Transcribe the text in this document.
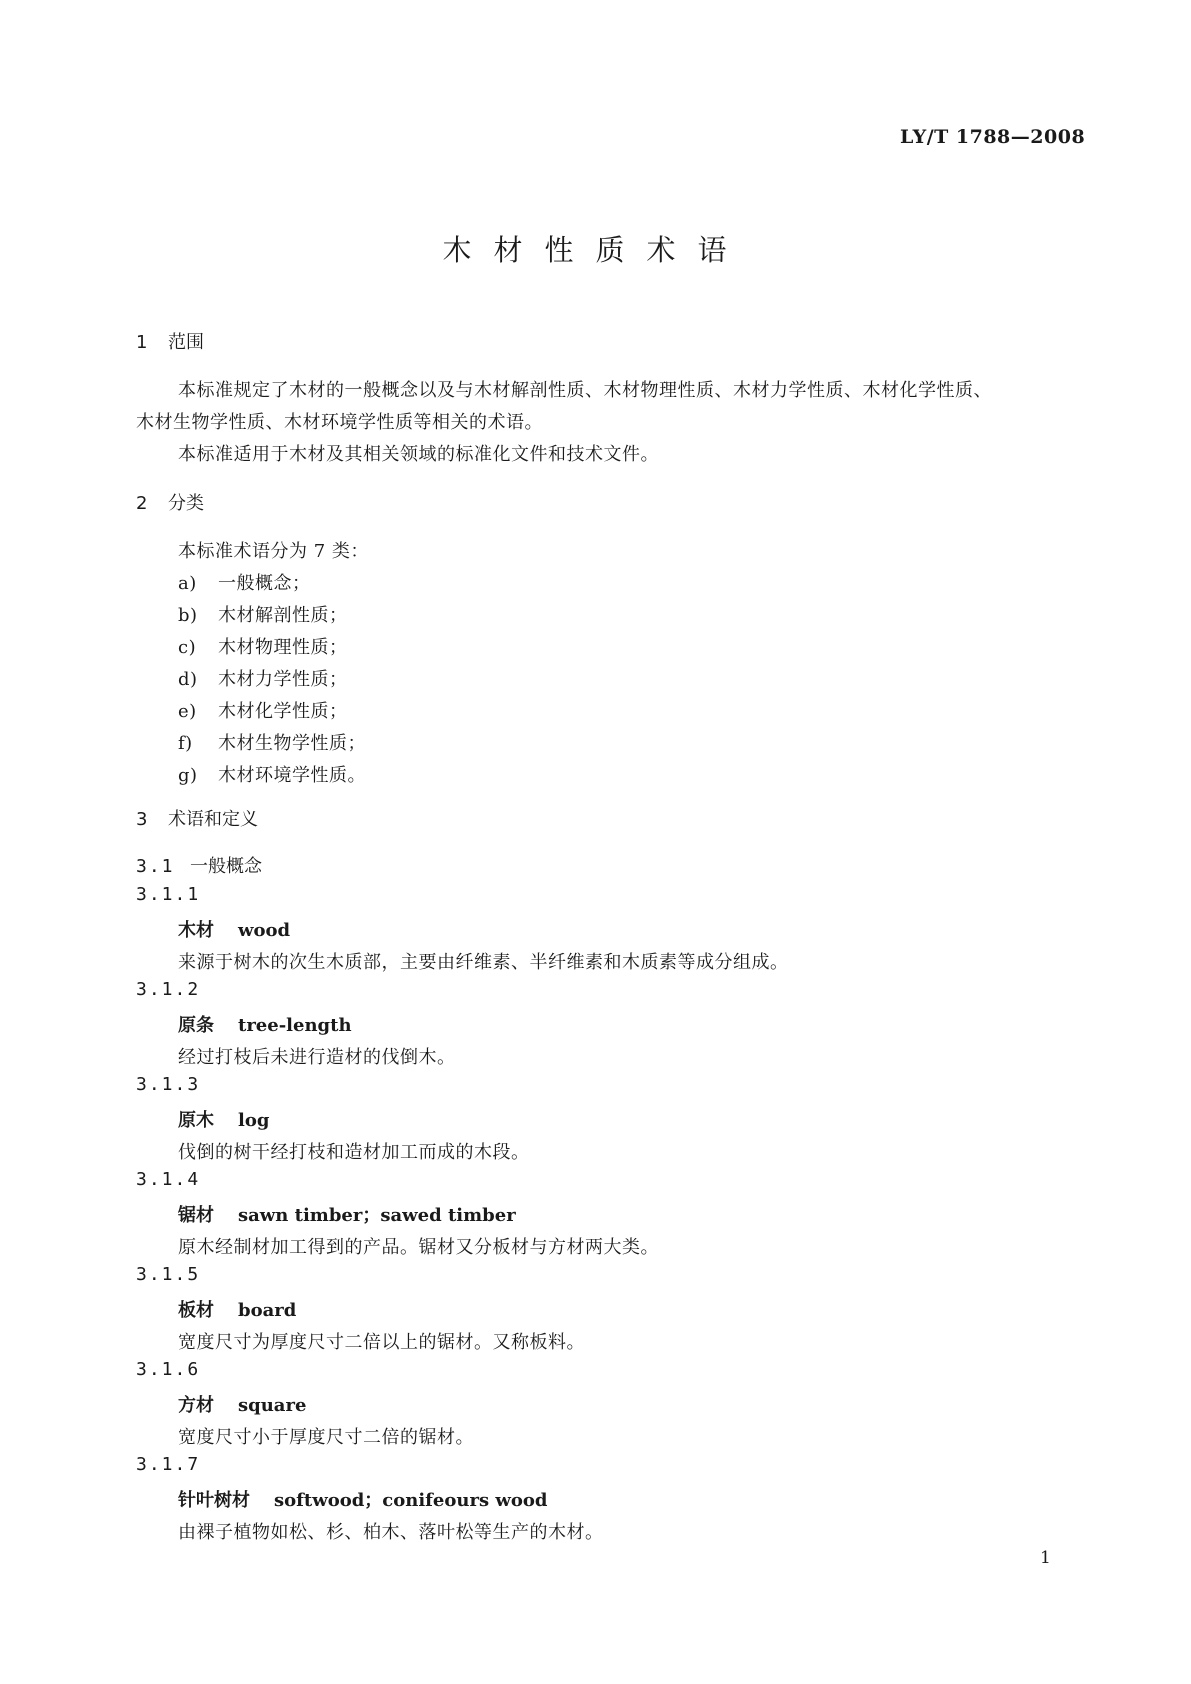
LY/T 1788—2008
木材性质术语
1 范围
本标准规定了木材的一般概念以及与木材解剖性质、木材物理性质、木材力学性质、木材化学性质、
木材生物学性质、木材环境学性质等相关的术语。
本标准适用于木材及其相关领域的标准化文件和技术文件。
2 分类
本标准术语分为 7 类：
a) 一般概念；
b) 木材解剖性质；
c) 木材物理性质；
d) 木材力学性质；
e) 木材化学性质；
f) 木材生物学性质；
g) 木材环境学性质。
3 术语和定义
3.1 一般概念
3.1.1
木材 wood
来源于树木的次生木质部，主要由纤维素、半纤维素和木质素等成分组成。
3.1.2
原条 tree-length
经过打枝后未进行造材的伐倒木。
3.1.3
原木 log
伐倒的树干经打枝和造材加工而成的木段。
3.1.4
锯材 sawn timber；sawed timber
原木经制材加工得到的产品。锯材又分板材与方材两大类。
3.1.5
板材 board
宽度尺寸为厚度尺寸二倍以上的锯材。又称板料。
3.1.6
方材 square
宽度尺寸小于厚度尺寸二倍的锯材。
3.1.7
针叶树材 softwood；conifeours wood
由裸子植物如松、杉、柏木、落叶松等生产的木材。
1
